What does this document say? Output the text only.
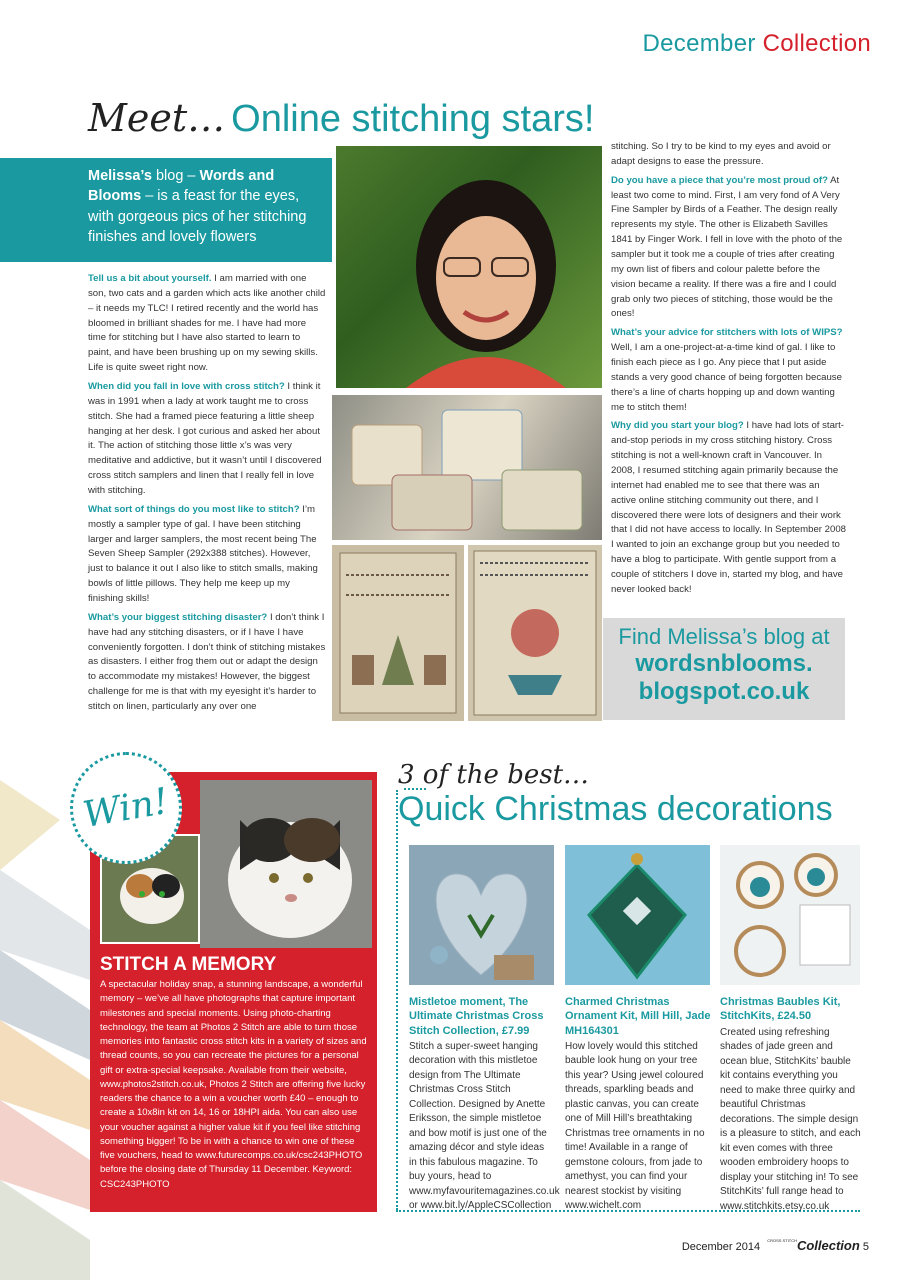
December Collection
Meet… Online stitching stars!
Melissa’s blog – Words and Blooms – is a feast for the eyes, with gorgeous pics of her stitching finishes and lovely flowers

Tell us a bit about yourself. I am married with one son, two cats and a garden which acts like another child – it needs my TLC! I retired recently and the world has bloomed in brilliant shades for me. I have had more time for stitching but I have also started to learn to paint, and have been brushing up on my sewing skills. Life is quite sweet right now.

When did you fall in love with cross stitch? I think it was in 1991 when a lady at work taught me to cross stitch. She had a framed piece featuring a little sheep hanging at her desk. I got curious and asked her about it. The action of stitching those little x’s was very meditative and addictive, but it wasn’t until I discovered cross stitch samplers and linen that I really fell in love with stitching.

What sort of things do you most like to stitch? I’m mostly a sampler type of gal. I have been stitching larger and larger samplers, the most recent being The Seven Sheep Sampler (292x388 stitches). However, just to balance it out I also like to stitch smalls, making bowls of little pillows. They help me keep up my finishing skills!

What’s your biggest stitching disaster? I don’t think I have had any stitching disasters, or if I have I have conveniently forgotten. I don’t think of stitching mistakes as disasters. I either frog them out or adapt the design to accommodate my mistakes! However, the biggest challenge for me is that with my eyesight it’s harder to stitch on linen, particularly any over one

stitching. So I try to be kind to my eyes and avoid or adapt designs to ease the pressure.

Do you have a piece that you’re most proud of? At least two come to mind. First, I am very fond of A Very Fine Sampler by Birds of a Feather. The design really represents my style. The other is Elizabeth Savilles 1841 by Finger Work. I fell in love with the photo of the sampler but it took me a couple of tries after creating my own list of fibers and colour palette before the vision became a reality. If there was a fire and I could grab only two pieces of stitching, those would be the ones!

What’s your advice for stitchers with lots of WIPS? Well, I am a one-project-at-a-time kind of gal. I like to finish each piece as I go. Any piece that I put aside stands a very good chance of being forgotten because there’s a line of charts hopping up and down wanting me to stitch them!

Why did you start your blog? I have had lots of start-and-stop periods in my cross stitching history. Cross stitching is not a well-known craft in Vancouver. In 2008, I resumed stitching again primarily because the internet had enabled me to see that there was an active online stitching community out there, and I discovered there were lots of designers and their work that I did not have access to locally. In September 2008 I wanted to join an exchange group but you needed to have a blog to participate. With gentle support from a couple of stitchers I dove in, started my blog, and have never looked back!

Find Melissa’s blog at
wordsnblooms.
blogspot.co.uk
STITCH A MEMORY
A spectacular holiday snap, a stunning landscape, a wonderful memory – we’ve all have photographs that capture important milestones and special moments. Using photo-charting technology, the team at Photos 2 Stitch are able to turn those memories into fantastic cross stitch kits in a variety of sizes and thread counts, so you can recreate the pictures for a personal gift or extra-special keepsake. Available from their website, www.photos2stitch.co.uk, Photos 2 Stitch are offering five lucky readers the chance to a win a voucher worth £40 – enough to create a 10x8in kit on 14, 16 or 18HPI aida. You can also use your voucher against a higher value kit if you feel like stitching something bigger! To be in with a chance to win one of these five vouchers, head to www.futurecomps.co.uk/csc243PHOTO before the closing date of Thursday 11 December. Keyword: CSC243PHOTO
Win!
3 of the best…
Quick Christmas decorations
Mistletoe moment, The Ultimate Christmas Cross Stitch Collection, £7.99
Stitch a super-sweet hanging decoration with this mistletoe design from The Ultimate Christmas Cross Stitch Collection. Designed by Anette Eriksson, the simple mistletoe and bow motif is just one of the amazing décor and style ideas in this fabulous magazine. To buy yours, head to www.myfavouritemagazines.co.uk or www.bit.ly/AppleCSCollection
Charmed Christmas Ornament Kit, Mill Hill, Jade MH164301
How lovely would this stitched bauble look hung on your tree this year? Using jewel coloured threads, sparkling beads and plastic canvas, you can create one of Mill Hill’s breathtaking Christmas tree ornaments in no time! Available in a range of gemstone colours, from jade to amethyst, you can find your nearest stockist by visiting www.wichelt.com
Christmas Baubles Kit, StitchKits, £24.50
Created using refreshing shades of jade green and ocean blue, StitchKits’ bauble kit contains everything you need to make three quirky and beautiful Christmas decorations. The simple design is a pleasure to stitch, and each kit even comes with three wooden embroidery hoops to display your stitching in! To see StitchKits’ full range head to www.stitchkits.etsy.co.uk
December 2014 $^{CROSS STITCH}$Collection 5
